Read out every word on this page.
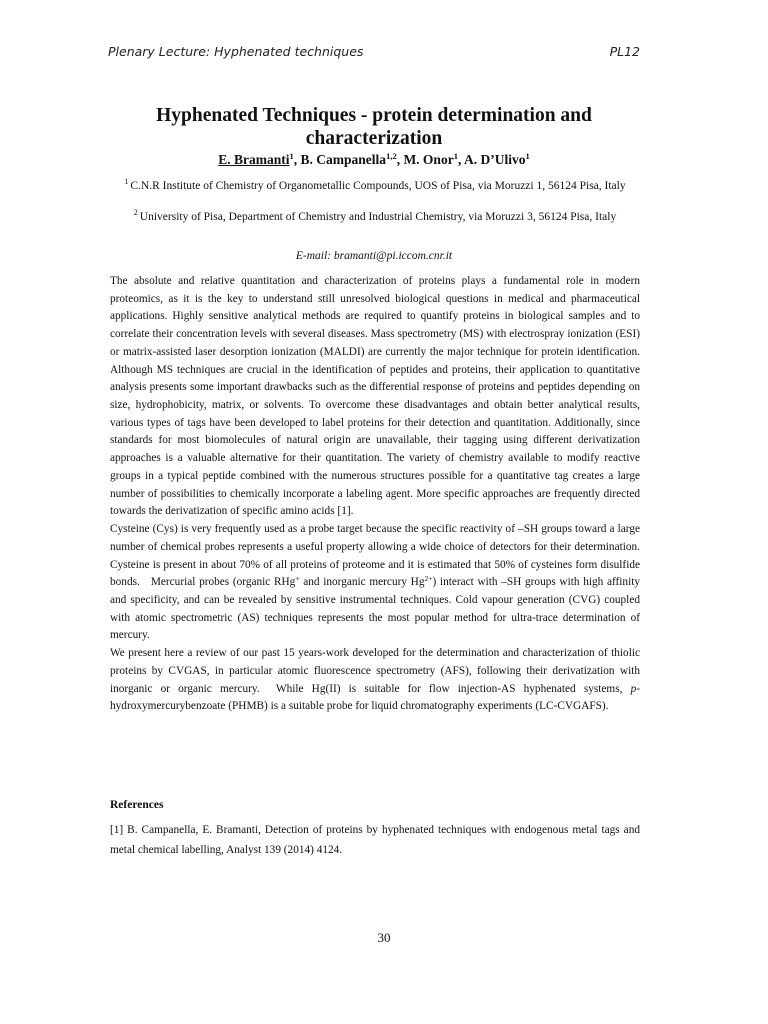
Plenary Lecture: Hyphenated techniques	PL12
Hyphenated Techniques - protein determination and characterization
E. Bramanti$^1$, B. Campanella$^{1,2}$, M. Onor$^1$, A. D’Ulivo$^1$
$^1$ C.N.R Institute of Chemistry of Organometallic Compounds, UOS of Pisa, via Moruzzi 1, 56124 Pisa, Italy
$^2$ University of Pisa, Department of Chemistry and Industrial Chemistry, via Moruzzi 3, 56124 Pisa, Italy
E-mail: bramanti@pi.iccom.cnr.it

The absolute and relative quantitation and characterization of proteins plays a fundamental role in modern proteomics, as it is the key to understand still unresolved biological questions in medical and pharmaceutical applications. Highly sensitive analytical methods are required to quantify proteins in biological samples and to correlate their concentration levels with several diseases. Mass spectrometry (MS) with electrospray ionization (ESI) or matrix-assisted laser desorption ionization (MALDI) are currently the major technique for protein identification. Although MS techniques are crucial in the identification of peptides and proteins, their application to quantitative analysis presents some important drawbacks such as the differential response of proteins and peptides depending on size, hydrophobicity, matrix, or solvents. To overcome these disadvantages and obtain better analytical results, various types of tags have been developed to label proteins for their detection and quantitation. Additionally, since standards for most biomolecules of natural origin are unavailable, their tagging using different derivatization approaches is a valuable alternative for their quantitation. The variety of chemistry available to modify reactive groups in a typical peptide combined with the numerous structures possible for a quantitative tag creates a large number of possibilities to chemically incorporate a labeling agent. More specific approaches are frequently directed towards the derivatization of specific amino acids [1].

Cysteine (Cys) is very frequently used as a probe target because the specific reactivity of –SH groups toward a large number of chemical probes represents a useful property allowing a wide choice of detectors for their determination. Cysteine is present in about 70% of all proteins of proteome and it is estimated that 50% of cysteines form disulfide bonds.   Mercurial probes (organic RHg+ and inorganic mercury $Hg^{2+}$) interact with –SH groups with high affinity and specificity, and can be revealed by sensitive instrumental techniques. Cold vapour generation (CVG) coupled with atomic spectrometric (AS) techniques represents the most popular method for ultra-trace determination of mercury.

We present here a review of our past 15 years-work developed for the determination and characterization of thiolic proteins by CVGAS, in particular atomic fluorescence spectrometry (AFS), following their derivatization with inorganic or organic mercury.  While Hg(II) is suitable for flow injection-AS hyphenated systems, p-hydroxymercurybenzoate (PHMB) is a suitable probe for liquid chromatography experiments (LC-CVGAFS).

References
[1] B. Campanella, E. Bramanti, Detection of proteins by hyphenated techniques with endogenous metal tags and metal chemical labelling, Analyst 139 (2014) 4124.
30
